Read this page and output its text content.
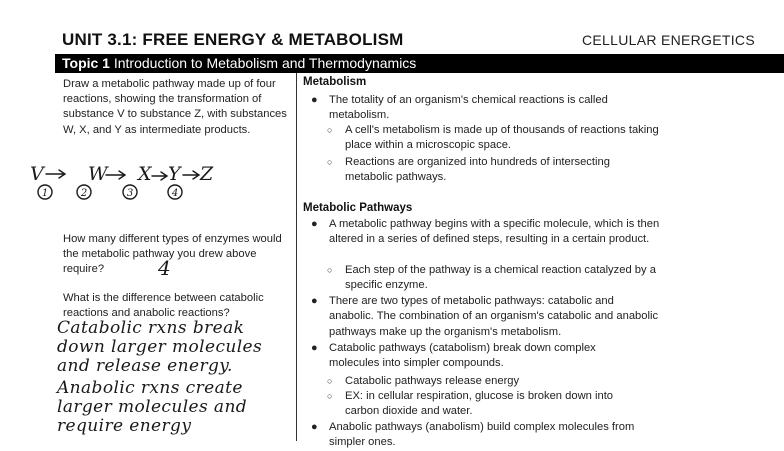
UNIT 3.1: FREE ENERGY & METABOLISM	CELLULAR ENERGETICS
Topic 1 Introduction to Metabolism and Thermodynamics
Draw a metabolic pathway made up of four reactions, showing the transformation of substance V to substance Z, with substances W, X, and Y as intermediate products.
V W X Y Z
1	2	3	4
How many different types of enzymes would the metabolic pathway you drew above require?	4
What is the difference between catabolic reactions and anabolic reactions?
Catabolic rxns break down larger molecules and release energy.
Anabolic rxns create larger molecules and require energy
Metabolism
● The totality of an organism's chemical reactions is called metabolism.
○ A cell's metabolism is made up of thousands of reactions taking place within a microscopic space.
○ Reactions are organized into hundreds of intersecting metabolic pathways.
Metabolic Pathways
● A metabolic pathway begins with a specific molecule, which is then altered in a series of defined steps, resulting in a certain product.
○ Each step of the pathway is a chemical reaction catalyzed by a specific enzyme.
● There are two types of metabolic pathways: catabolic and anabolic. The combination of an organism's catabolic and anabolic pathways make up the organism's metabolism.
● Catabolic pathways (catabolism) break down complex molecules into simpler compounds.
○ Catabolic pathways release energy
○ EX: in cellular respiration, glucose is broken down into carbon dioxide and water.
● Anabolic pathways (anabolism) build complex molecules from simpler ones.
